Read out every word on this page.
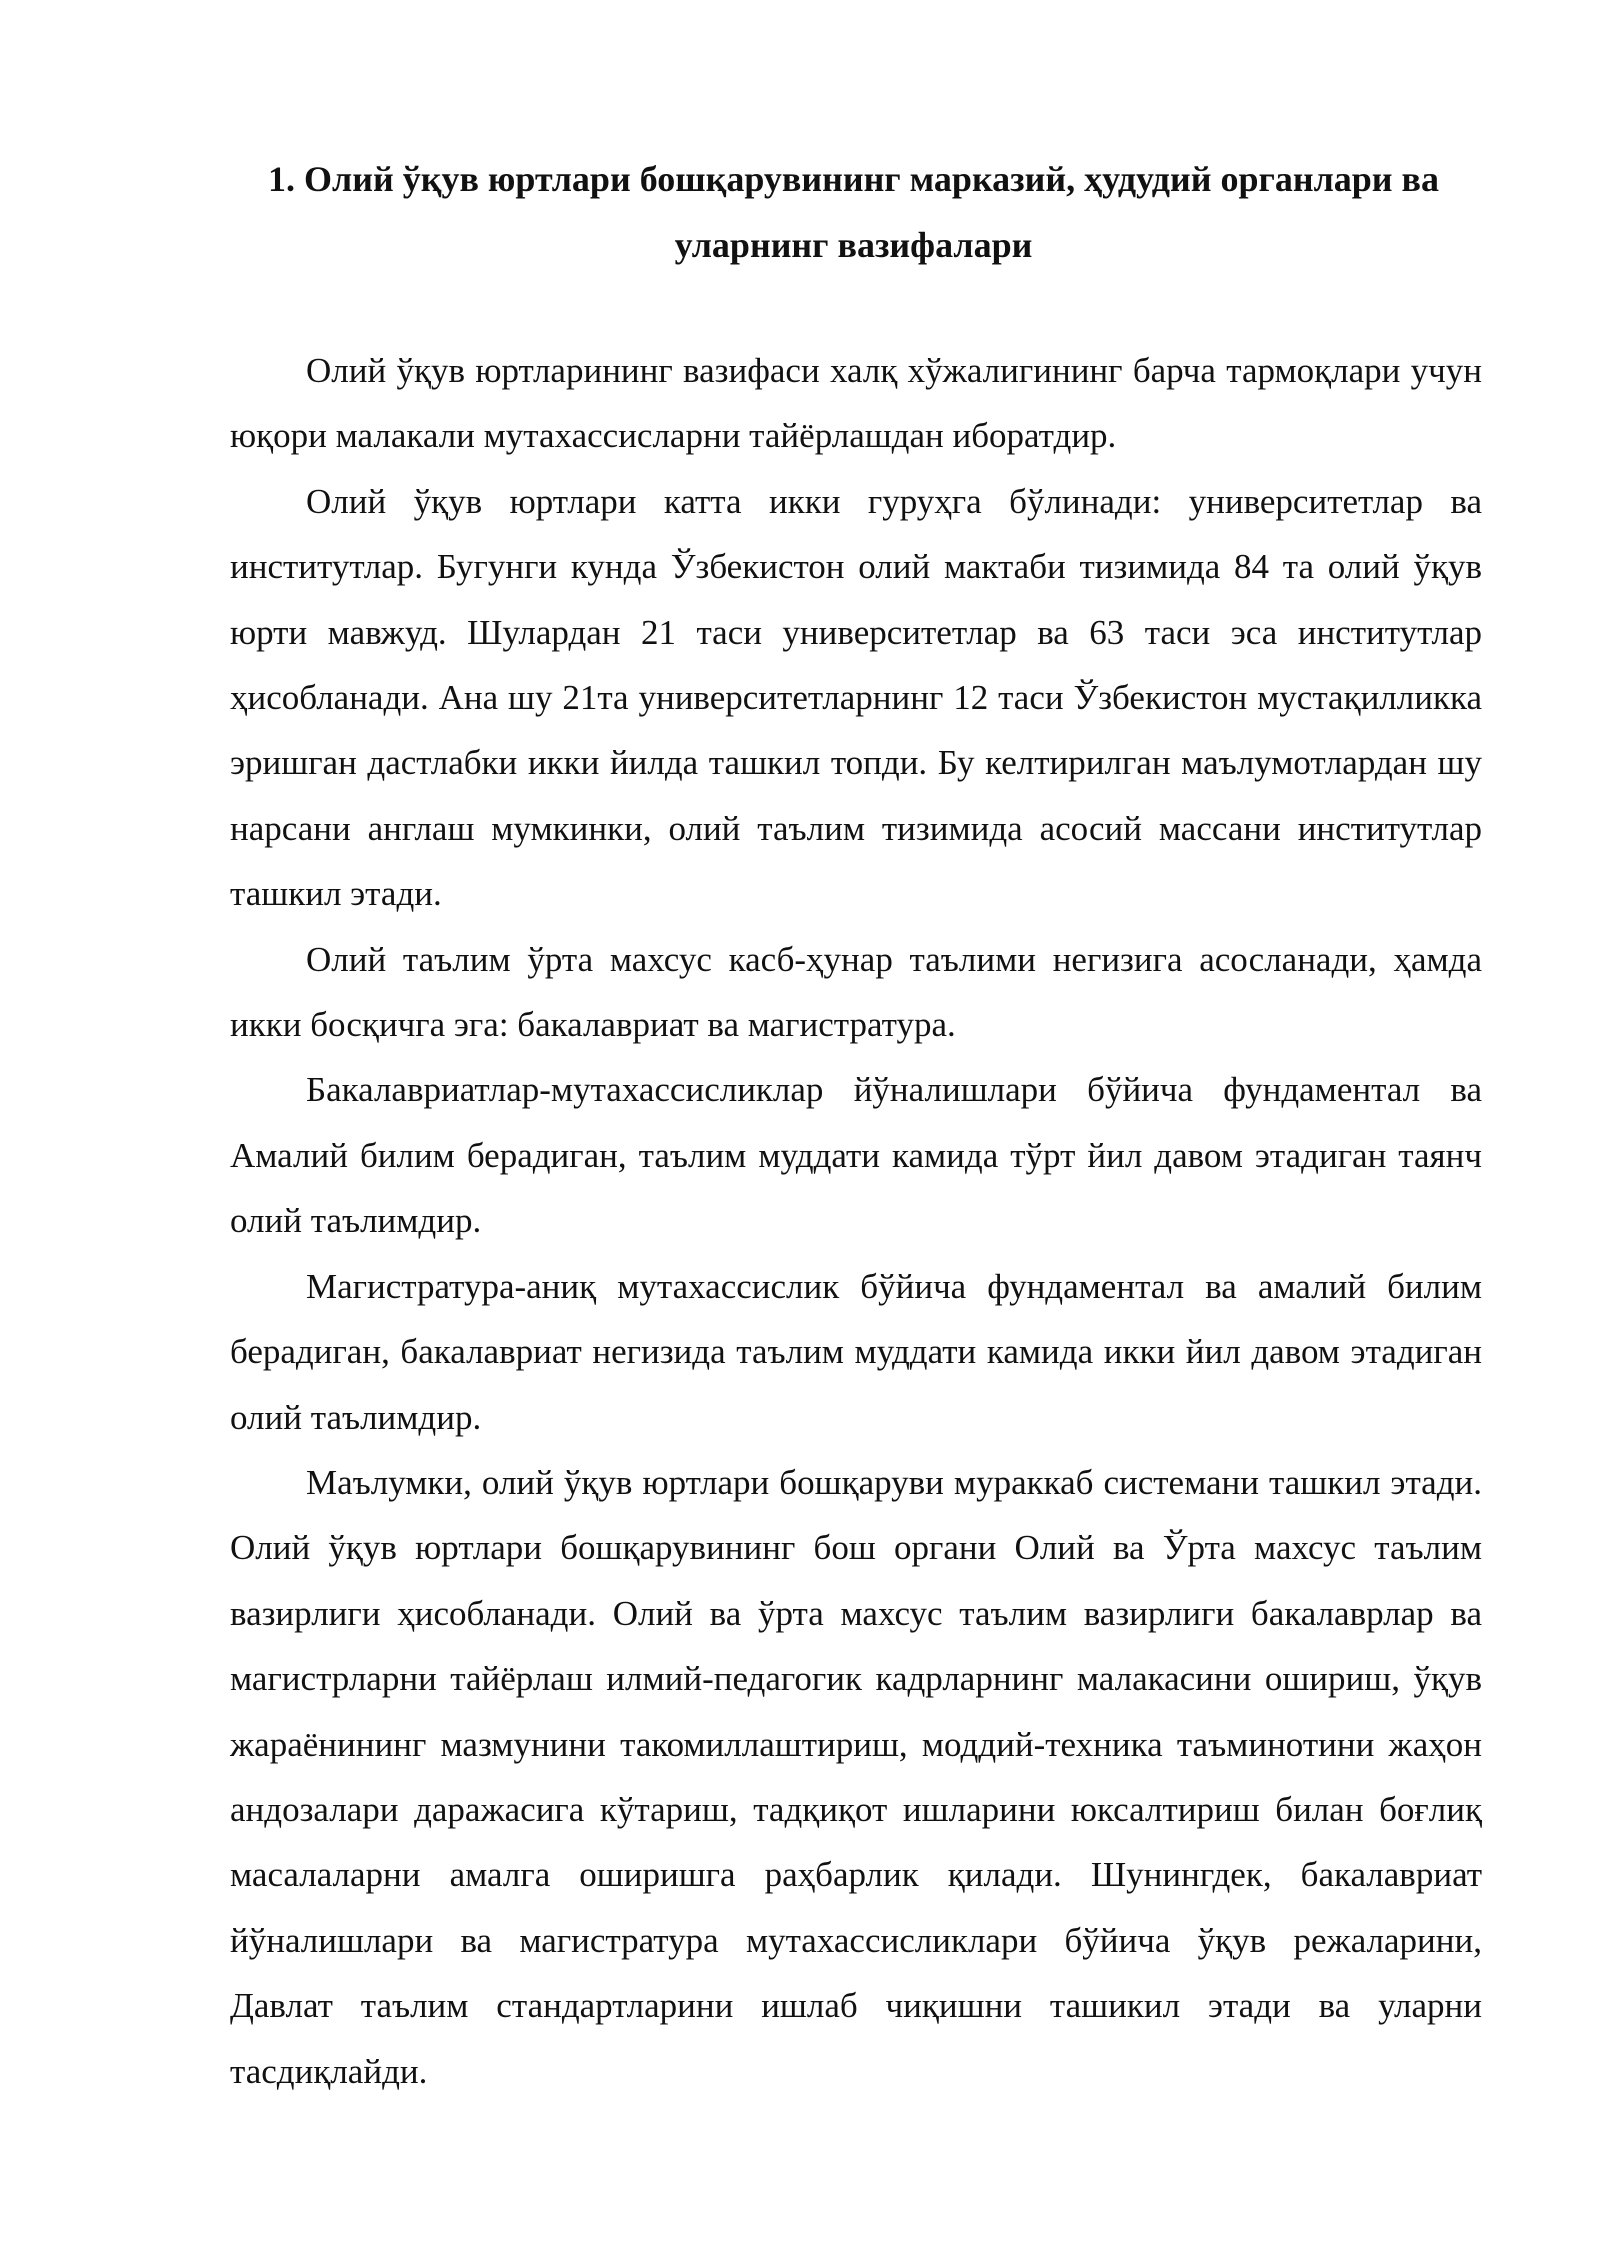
1. Олий ўқув юртлари бошқарувининг марказий, ҳудудий органлари ва уларнинг вазифалари

Олий ўқув юртларининг вазифаси халқ хўжалигининг барча тармоқлари учун юқори малакали мутахассисларни тайёрлашдан иборатдир.

Олий ўқув юртлари катта икки гуруҳга бўлинади: университетлар ва институтлар. Бугунги кунда Ўзбекистон олий мактаби тизимида 84 та олий ўқув юрти мавжуд. Шулардан 21 таси университетлар ва 63 таси эса институтлар ҳисобланади. Ана шу 21та университетларнинг 12 таси Ўзбекистон мустақилликка эришган дастлабки икки йилда ташкил топди. Бу келтирилган маълумотлардан шу нарсани англаш мумкинки, олий таълим тизимида асосий массани институтлар ташкил этади.

Олий таълим ўрта махсус касб-ҳунар таълими негизига асосланади, ҳамда икки босқичга эга: бакалавриат ва магистратура.

Бакалавриатлар-мутахассисликлар йўналишлари бўйича фундаментал ва Амалий билим берадиган, таълим муддати камида тўрт йил давом этадиган таянч олий таълимдир.

Магистратура-аниқ мутахассислик бўйича фундаментал ва амалий билим берадиган, бакалавриат негизида таълим муддати камида икки йил давом этадиган олий таълимдир.

Маълумки, олий ўқув юртлари бошқаруви мураккаб системани ташкил этади. Олий ўқув юртлари бошқарувининг бош органи Олий ва Ўрта махсус таълим вазирлиги ҳисобланади. Олий ва ўрта махсус таълим вазирлиги бакалаврлар ва магистрларни тайёрлаш илмий-педагогик кадрларнинг малакасини ошириш, ўқув жараёнининг мазмунини такомиллаштириш, моддий-техника таъминотини жаҳон андозалари даражасига кўтариш, тадқиқот ишларини юксалтириш билан боғлиқ масалаларни амалга оширишга раҳбарлик қилади. Шунингдек, бакалавриат йўналишлари ва магистратура мутахассисликлари бўйича ўқув режаларини, Давлат таълим стандартларини ишлаб чиқишни ташикил этади ва уларни тасдиқлайди.
